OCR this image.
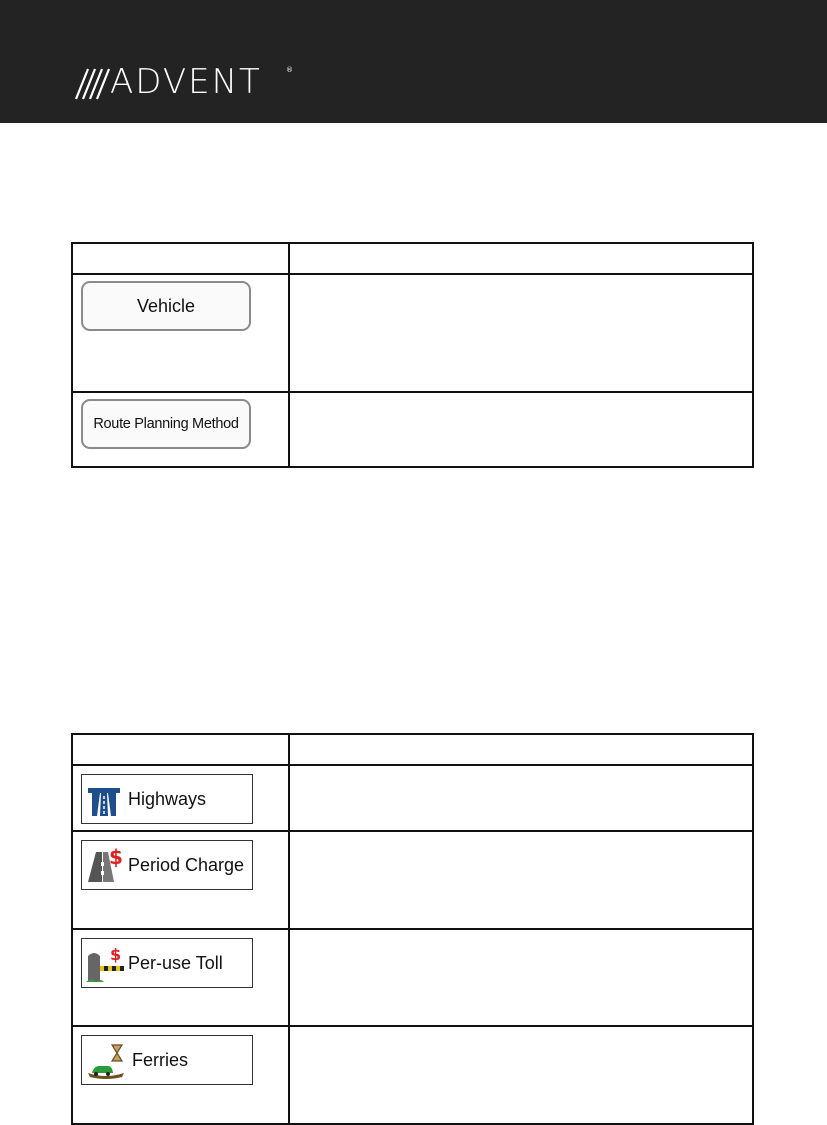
ADVENT	®

Vehicle	

Route Planning Method	

Highways	

$ Period Charge	

$ Per-use Toll	

Ferries	
